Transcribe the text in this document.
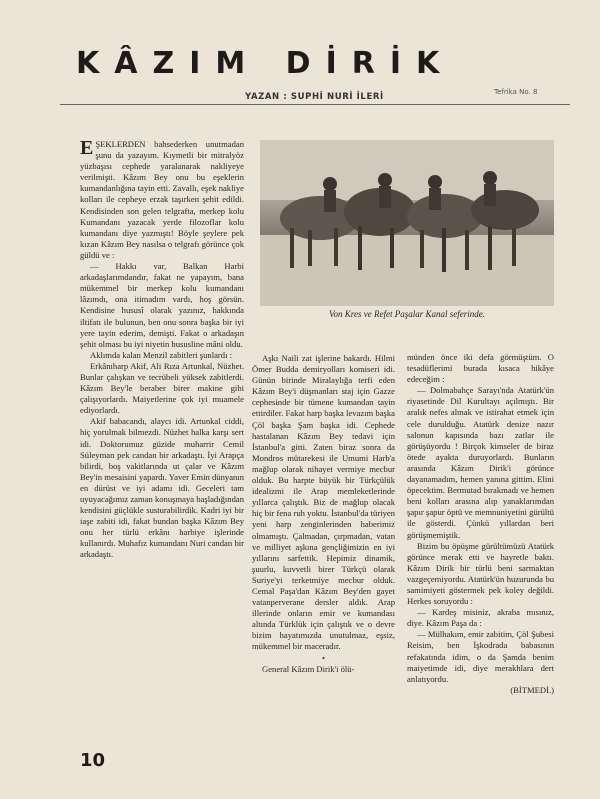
KÂZIM DİRİK
YAZAN : SUPHİ NURİ İLERİ	Tefrika No. 8
Von Kres ve Refet Paşalar Kanal seferinde.
E ŞEKLERDEN bahsederken unutmadan şunu da yazayım. Kıymetli bir mitralyöz yüzbaşısı cephede yaralanarak nakliyeye verilmişti. Kâzım Bey onu bu eşeklerin kumandanlığına tayin etti. Zavallı, eşek nakliye kolları ile cepheye erzak taşırken şehit edildi. Kendisinden son gelen telgrafta, merkep kolu Kumandanı yazacak yerde filozoflar kolu kumandanı diye yazmıştı! Böyle şeylere pek kızan Kâzım Bey nasılsa o telgrafı görünce çok güldü ve :

— Hakkı var, Balkan Harbi arkadaşlarımdandır, fakat ne yapayım, bana mükemmel bir merkep kolu kumandanı lâzımdı, ona itimadım vardı, hoş görsün. Kendisine hususî olarak yazınız, hakkında iltifatı ile bulunun, ben onu sonra başka bir iyi yere tayin ederim, demişti. Fakat o arkadaşın şehit olması bu iyi niyetin hususline mâni oldu.

Aklımda kalan Menzil zabitleri şunlardı :

Erkânıharp Akif, Ali Rıza Artunkal, Nüzhet. Bunlar çalışkan ve tecrübeli yüksek zabitlerdi. Kâzım Bey'le beraber birer makine gibi çalışıyorlardı. Maiyetlerine çok iyi muamele ediyorlardı.

Akif babacandı, alaycı idi. Artunkal ciddi, hiç yorulmak bilmezdi. Nüzhet halka karşı sert idi. Doktorumuz güzide muharrir Cemil Süleyman pek candan bir arkadaştı. İyi Arapça bilirdi, boş vakitlarında ut çalar ve Kâzım Bey'in mesaisini yapardı. Yaver Emin dünyanın en dürüst ve iyi adamı idi. Geceleri tam uyuyacağımız zaman konuşmaya başladığından kendisini güçlükle susturabilirdik. Kadri iyi bir iaşe zabiti idi, fakat bundan başka Kâzım Bey onu her türlü erkânı harbiye işlerinde kullanırdı. Muhafız kumandanı Nuri candan bir arkadaştı.

Aşkı Naili zat işlerine bakardı. Hilmi Ömer Budda demiryolları komiseri idi. Günün birinde Miralaylığa terfi eden Kâzım Bey'i düşmanları staj için Gazze cephesinde bir tümene kumandan tayin ettirdiler. Fakat harp başka levazım başka Çöl başka Şam başka idi. Cephede hastalanan Kâzım Bey tedavi için İstanbul'a gitti. Zaten biraz sonra da Mondros mütarekesi ile Umumi Harb'a mağlup olarak nihayet vermiye mecbur olduk. Bu harpte büyük bir Türkçülük idealizmi ile Arap memleketlerinde yıllarca çalıştık. Biz de mağlup olacak hiç bir fena ruh yoktu. İstanbul'da türiyen yeni harp zenginlerinden haberimiz olmamıştı. Çalmadan, çırpmadan, vatan ve milliyet aşkına gençliğimizin en iyi yıllarını sarfettik. Hepimiz dinamik, şuurlu, kuvvetli birer Türkçü olarak Suriye'yi terketmiye mecbur olduk. Cemal Paşa'dan Kâzım Bey'den gayet vatanperverane dersler aldık. Arap illerinde onların emir ve kumandası altında Türklük için çalıştık ve o devre bizim hayatımızda unutulmaz, eşsiz, mükemmel bir maceradır.

•

General Kâzım Dirik'i ölü-

münden önce iki defa görmüştüm. O tesadüflerimi burada kısaca hikâye edeceğim :

— Dolmabahçe Sarayı'nda Atatürk'ün riyasetinde Dil Kurultayı açılmıştı. Bir aralık nefes almak ve istirahat etmek için cele durulduğu. Atatürk denize nazır salonun kapısında bazı zatlar ile görüşüyordu ! Birçok kimseler de biraz ötede ayakta duruyorlardı. Bunların arasında Kâzım Dirik'i görünce dayanamadım, hemen yanına gittim. Elini öpecektim. Bermutad bırakmadı ve hemen beni kolları arasına alıp yanaklarımdan şapır şapur öptü ve memnuniyetini gürültü ile gösterdi. Çünkü yıllardan beri görüşmemiştik.

Bizim bu öpüşme gürültümüzü Atatürk görünce merak etti ve hayretle baktı. Kâzım Dirik bir türlü beni sarmaktan vazgeçemiyordu. Atatürk'ün huzurunda bu samimiyeti göstermek pek koley değildi. Herkes soruyordu :

— Kardeş misiniz, akraba mısınız, diye. Kâzım Paşa da :

— Mülhakım, emir zabitim, Çöl Şubesi Reisim, ben İşkodrada babasının refakatında idim, o da Şamda benim maiyetimde idi, diye merakhlara dert anlatıyordu.

(BİTMEDİ.)

10
